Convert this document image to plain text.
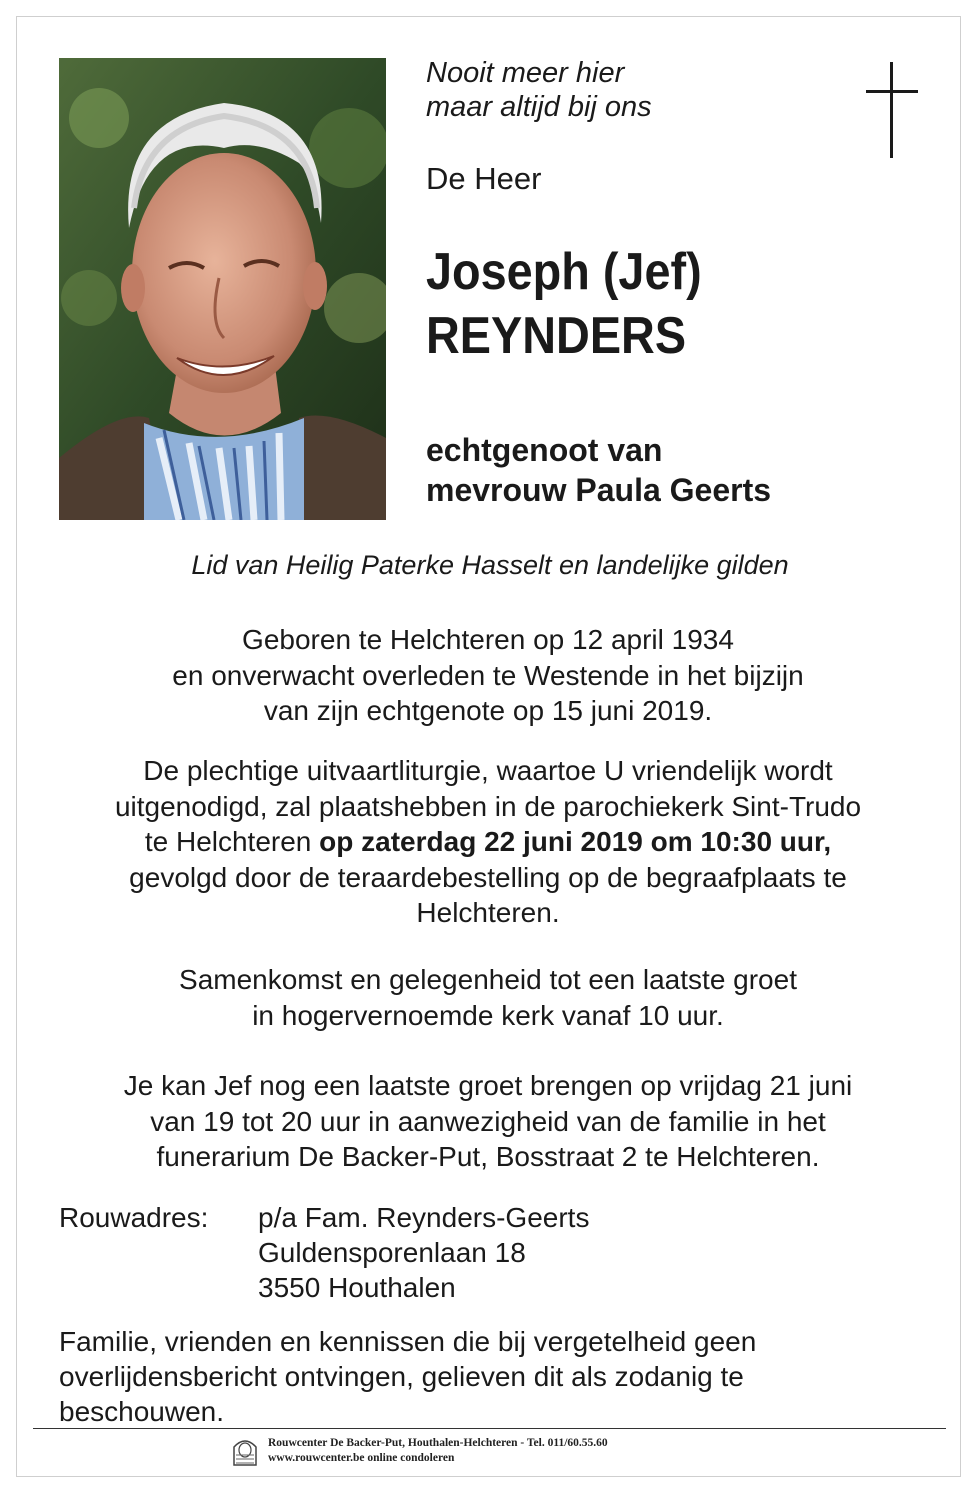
Nooit meer hier
maar altijd bij ons
De Heer
Joseph (Jef)
REYNDERS
echtgenoot van
mevrouw Paula Geerts
Lid van Heilig Paterke Hasselt en landelijke gilden
Geboren te Helchteren op 12 april 1934
en onverwacht overleden te Westende in het bijzijn
van zijn echtgenote op 15 juni 2019.
De plechtige uitvaartliturgie, waartoe U vriendelijk wordt
uitgenodigd, zal plaatshebben in de parochiekerk Sint-Trudo
te Helchteren op zaterdag 22 juni 2019 om 10:30 uur,
gevolgd door de teraardebestelling op de begraafplaats te
Helchteren.
Samenkomst en gelegenheid tot een laatste groet
in hogervernoemde kerk vanaf 10 uur.
Je kan Jef nog een laatste groet brengen op vrijdag 21 juni
van 19 tot 20 uur in aanwezigheid van de familie in het
funerarium De Backer-Put, Bosstraat 2 te Helchteren.
Rouwadres: p/a Fam. Reynders-Geerts
Guldensporenlaan 18
3550 Houthalen
Familie, vrienden en kennissen die bij vergetelheid geen
overlijdensbericht ontvingen, gelieven dit als zodanig te
beschouwen.
Rouwcenter De Backer-Put, Houthalen-Helchteren - Tel. 011/60.55.60
www.rouwcenter.be online condoleren
